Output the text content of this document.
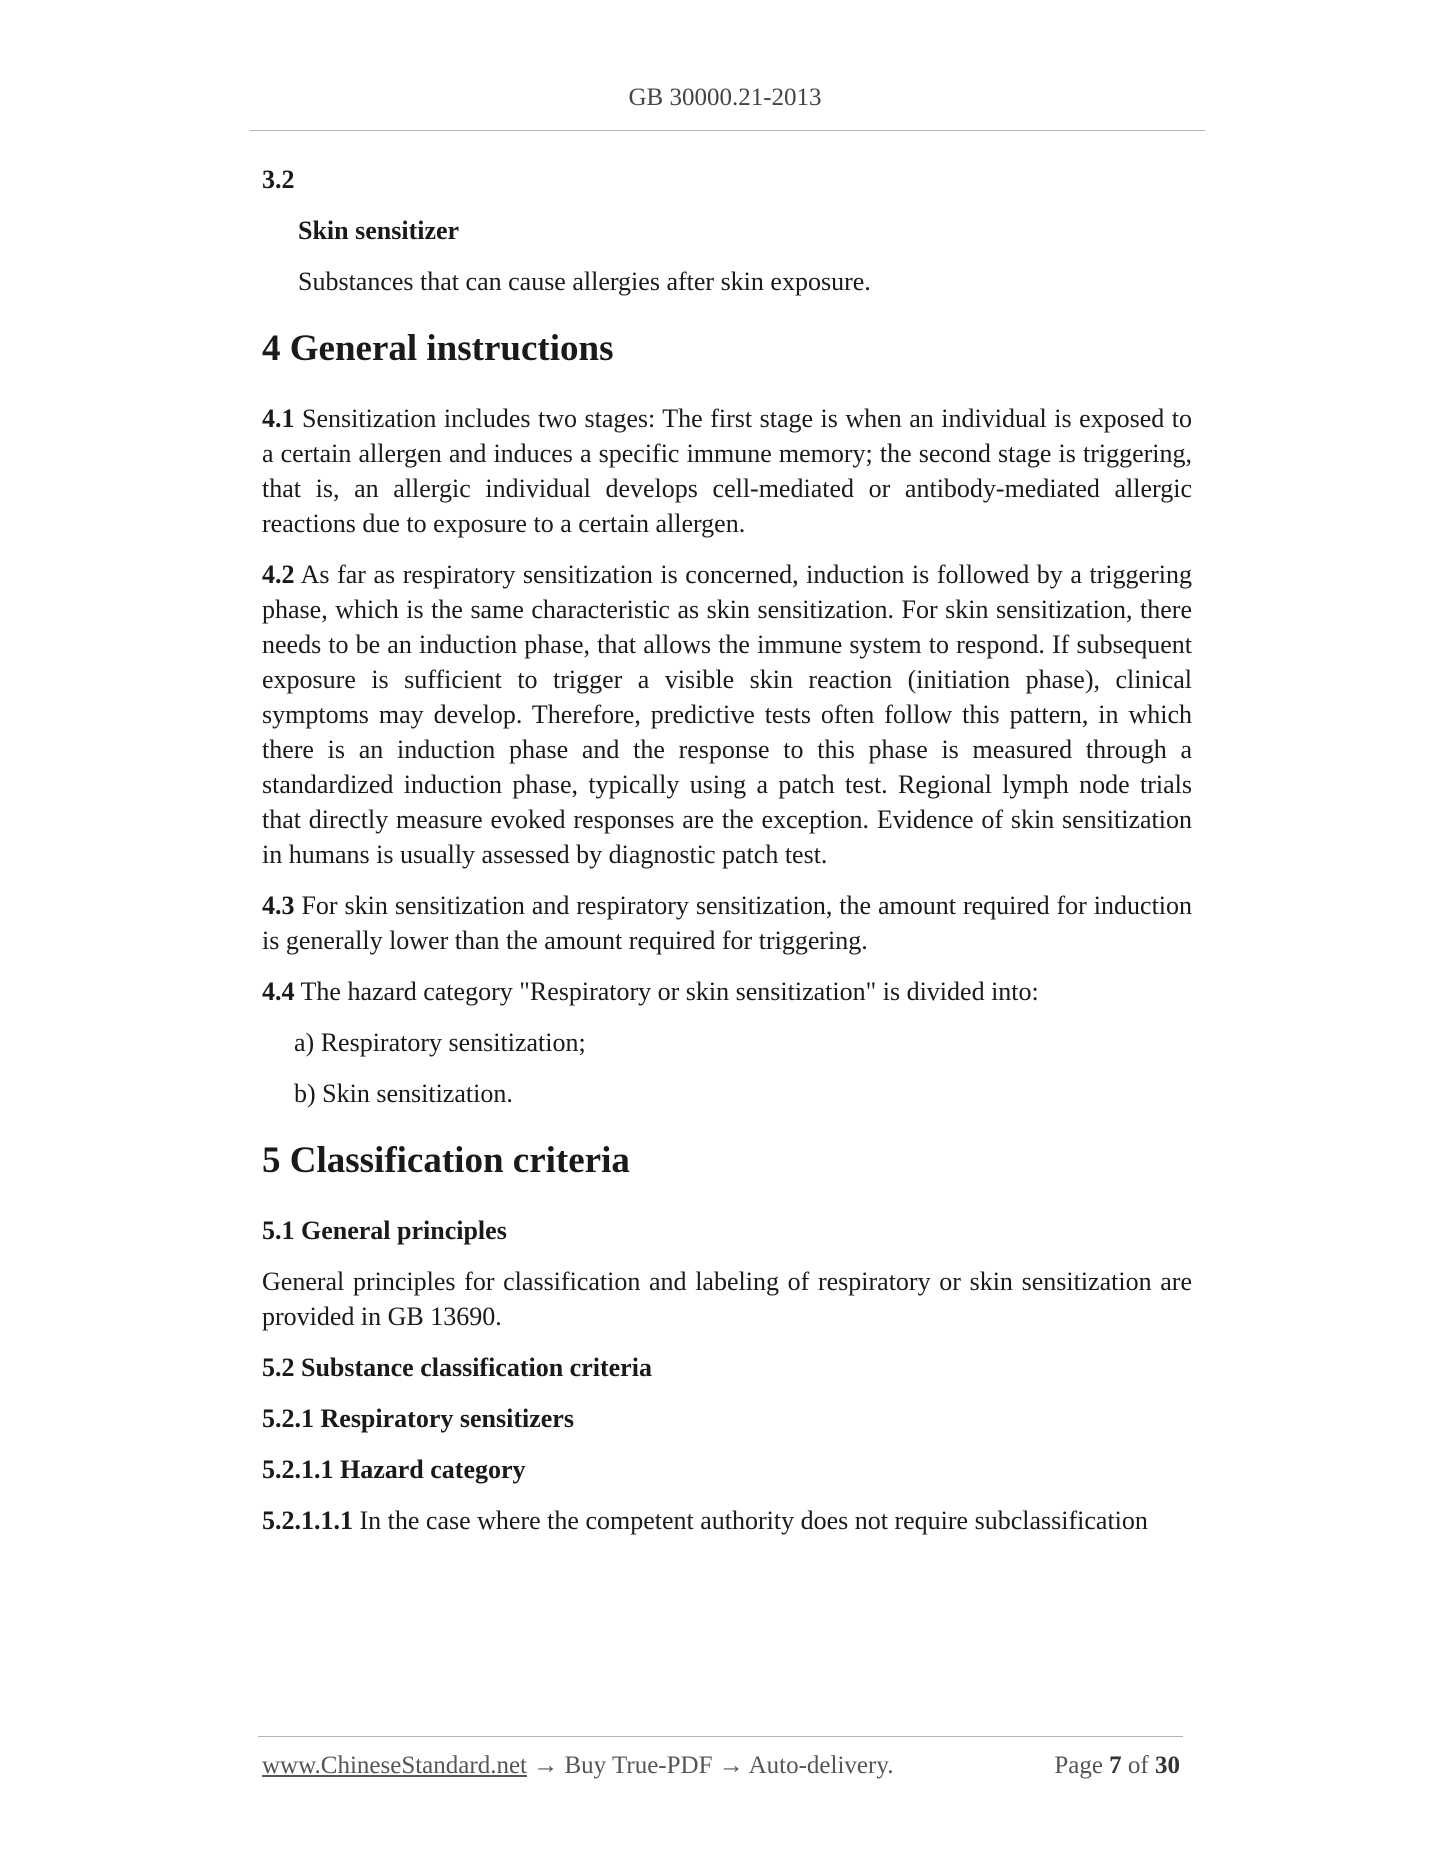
GB 30000.21-2013

3.2

Skin sensitizer

Substances that can cause allergies after skin exposure.

4 General instructions

4.1 Sensitization includes two stages: The first stage is when an individual is exposed to a certain allergen and induces a specific immune memory; the second stage is triggering, that is, an allergic individual develops cell-mediated or antibody-mediated allergic reactions due to exposure to a certain allergen.

4.2 As far as respiratory sensitization is concerned, induction is followed by a triggering phase, which is the same characteristic as skin sensitization. For skin sensitization, there needs to be an induction phase, that allows the immune system to respond. If subsequent exposure is sufficient to trigger a visible skin reaction (initiation phase), clinical symptoms may develop. Therefore, predictive tests often follow this pattern, in which there is an induction phase and the response to this phase is measured through a standardized induction phase, typically using a patch test. Regional lymph node trials that directly measure evoked responses are the exception. Evidence of skin sensitization in humans is usually assessed by diagnostic patch test.

4.3 For skin sensitization and respiratory sensitization, the amount required for induction is generally lower than the amount required for triggering.

4.4 The hazard category "Respiratory or skin sensitization" is divided into:

a) Respiratory sensitization;

b) Skin sensitization.

5 Classification criteria

5.1 General principles

General principles for classification and labeling of respiratory or skin sensitization are provided in GB 13690.

5.2 Substance classification criteria

5.2.1 Respiratory sensitizers

5.2.1.1 Hazard category

5.2.1.1.1 In the case where the competent authority does not require subclassification

www.ChineseStandard.net → Buy True-PDF → Auto-delivery.	Page 7 of 30
